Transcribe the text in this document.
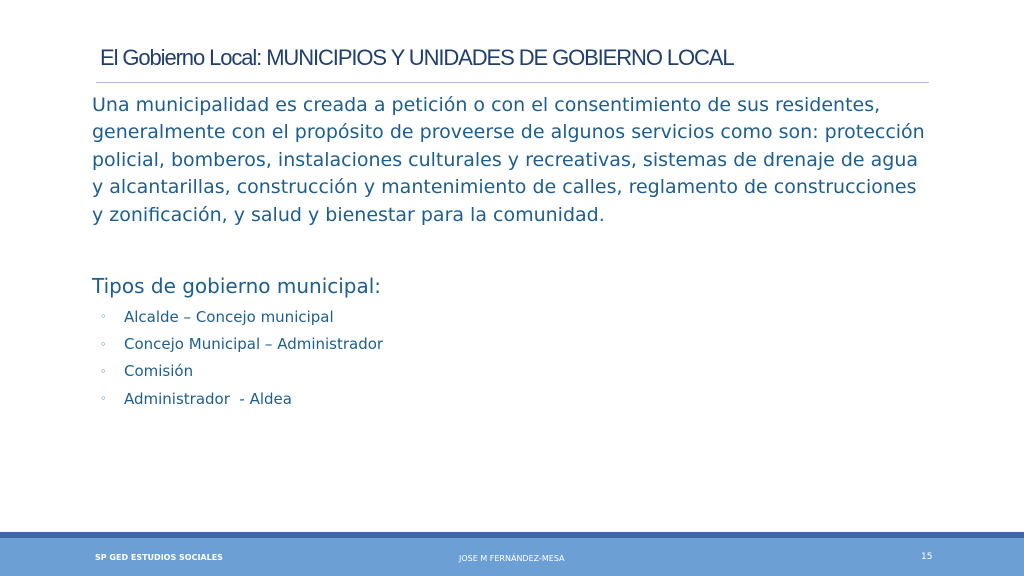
El Gobierno Local: MUNICIPIOS Y UNIDADES DE GOBIERNO LOCAL

Una municipalidad es creada a petición o con el consentimiento de sus residentes, generalmente con el propósito de proveerse de algunos servicios como son: protección policial, bomberos, instalaciones culturales y recreativas, sistemas de drenaje de agua y alcantarillas, construcción y mantenimiento de calles, reglamento de construcciones y zonificación, y salud y bienestar para la comunidad.

Tipos de gobierno municipal:

◦	Alcalde – Concejo municipal
◦	Concejo Municipal – Administrador
◦	Comisión
◦	Administrador  - Aldea
SP GED ESTUDIOS SOCIALES	JOSE M FERNÁNDEZ-MESA	15
